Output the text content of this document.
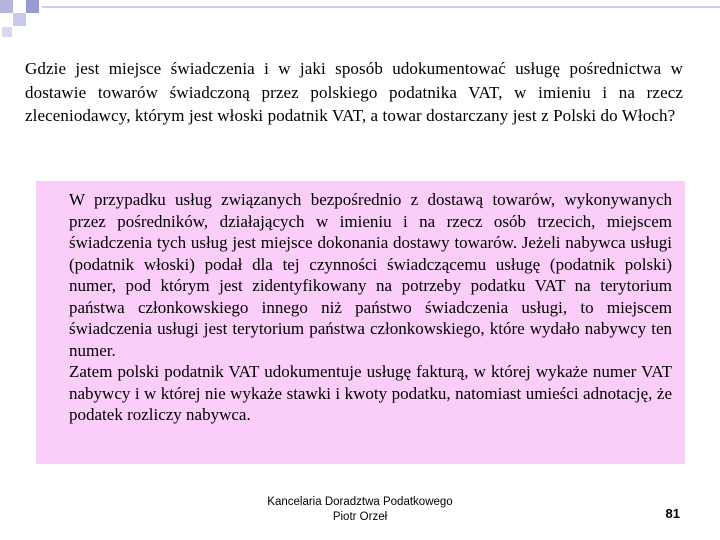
Gdzie jest miejsce świadczenia i w jaki sposób udokumentować usługę pośrednictwa w dostawie towarów świadczoną przez polskiego podatnika VAT, w imieniu i na rzecz zleceniodawcy, którym jest włoski podatnik VAT, a towar dostarczany jest z Polski do Włoch?

W przypadku usług związanych bezpośrednio z dostawą towarów, wykonywanych przez pośredników, działających w imieniu i na rzecz osób trzecich, miejscem świadczenia tych usług jest miejsce dokonania dostawy towarów. Jeżeli nabywca usługi (podatnik włoski) podał dla tej czynności świadczącemu usługę (podatnik polski) numer, pod którym jest zidentyfikowany na potrzeby podatku VAT na terytorium państwa członkowskiego innego niż państwo świadczenia usługi, to miejscem świadczenia usługi jest terytorium państwa członkowskiego, które wydało nabywcy ten numer.

Zatem polski podatnik VAT udokumentuje usługę fakturą, w której wykaże numer VAT nabywcy i w której nie wykaże stawki i kwoty podatku, natomiast umieści adnotację, że podatek rozliczy nabywca.

Kancelaria Doradztwa Podatkowego
Piotr Orzeł	81
